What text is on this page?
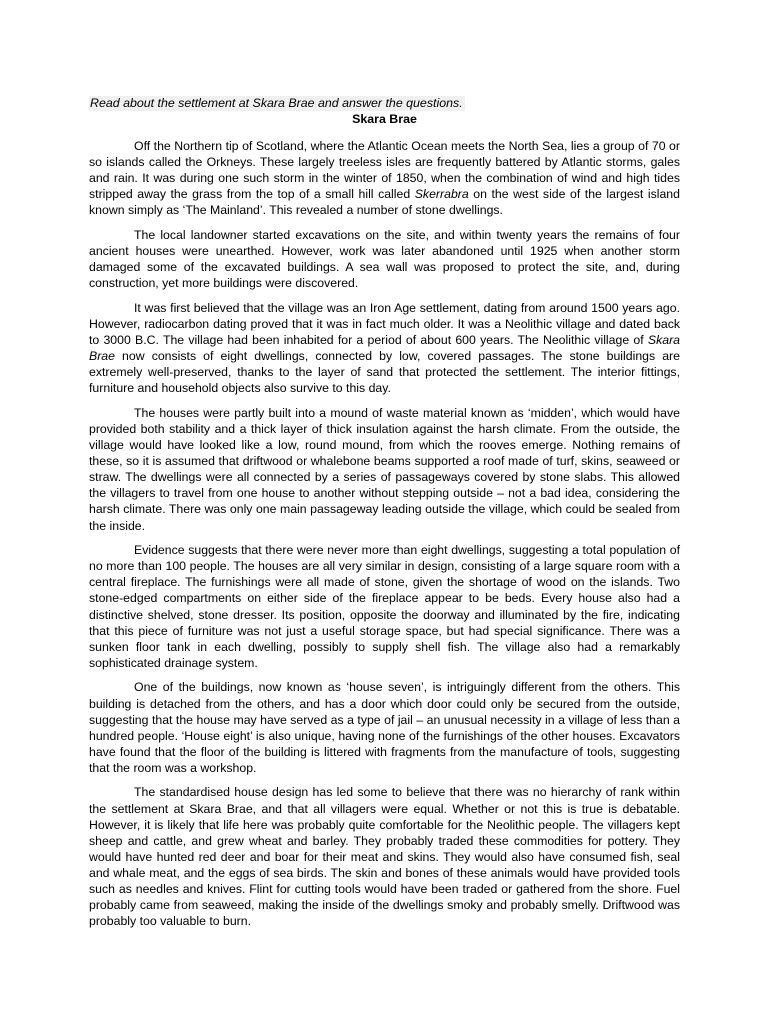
Read about the settlement at Skara Brae and answer the questions.

Skara Brae

Off the Northern tip of Scotland, where the Atlantic Ocean meets the North Sea, lies a group of 70 or so islands called the Orkneys. These largely treeless isles are frequently battered by Atlantic storms, gales and rain. It was during one such storm in the winter of 1850, when the combination of wind and high tides stripped away the grass from the top of a small hill called Skerrabra on the west side of the largest island known simply as ‘The Mainland’. This revealed a number of stone dwellings.

The local landowner started excavations on the site, and within twenty years the remains of four ancient houses were unearthed. However, work was later abandoned until 1925 when another storm damaged some of the excavated buildings. A sea wall was proposed to protect the site, and, during construction, yet more buildings were discovered.

It was first believed that the village was an Iron Age settlement, dating from around 1500 years ago. However, radiocarbon dating proved that it was in fact much older. It was a Neolithic village and dated back to 3000 B.C. The village had been inhabited for a period of about 600 years. The Neolithic village of Skara Brae now consists of eight dwellings, connected by low, covered passages. The stone buildings are extremely well-preserved, thanks to the layer of sand that protected the settlement. The interior fittings, furniture and household objects also survive to this day.

The houses were partly built into a mound of waste material known as ‘midden’, which would have provided both stability and a thick layer of thick insulation against the harsh climate. From the outside, the village would have looked like a low, round mound, from which the rooves emerge. Nothing remains of these, so it is assumed that driftwood or whalebone beams supported a roof made of turf, skins, seaweed or straw. The dwellings were all connected by a series of passageways covered by stone slabs. This allowed the villagers to travel from one house to another without stepping outside – not a bad idea, considering the harsh climate. There was only one main passageway leading outside the village, which could be sealed from the inside.

Evidence suggests that there were never more than eight dwellings, suggesting a total population of no more than 100 people. The houses are all very similar in design, consisting of a large square room with a central fireplace. The furnishings were all made of stone, given the shortage of wood on the islands. Two stone-edged compartments on either side of the fireplace appear to be beds. Every house also had a distinctive shelved, stone dresser. Its position, opposite the doorway and illuminated by the fire, indicating that this piece of furniture was not just a useful storage space, but had special significance. There was a sunken floor tank in each dwelling, possibly to supply shell fish. The village also had a remarkably sophisticated drainage system.

One of the buildings, now known as ‘house seven’, is intriguingly different from the others. This building is detached from the others, and has a door which door could only be secured from the outside, suggesting that the house may have served as a type of jail – an unusual necessity in a village of less than a hundred people. ‘House eight’ is also unique, having none of the furnishings of the other houses. Excavators have found that the floor of the building is littered with fragments from the manufacture of tools, suggesting that the room was a workshop.

The standardised house design has led some to believe that there was no hierarchy of rank within the settlement at Skara Brae, and that all villagers were equal. Whether or not this is true is debatable. However, it is likely that life here was probably quite comfortable for the Neolithic people. The villagers kept sheep and cattle, and grew wheat and barley. They probably traded these commodities for pottery. They would have hunted red deer and boar for their meat and skins. They would also have consumed fish, seal and whale meat, and the eggs of sea birds. The skin and bones of these animals would have provided tools such as needles and knives. Flint for cutting tools would have been traded or gathered from the shore. Fuel probably came from seaweed, making the inside of the dwellings smoky and probably smelly. Driftwood was probably too valuable to burn.
